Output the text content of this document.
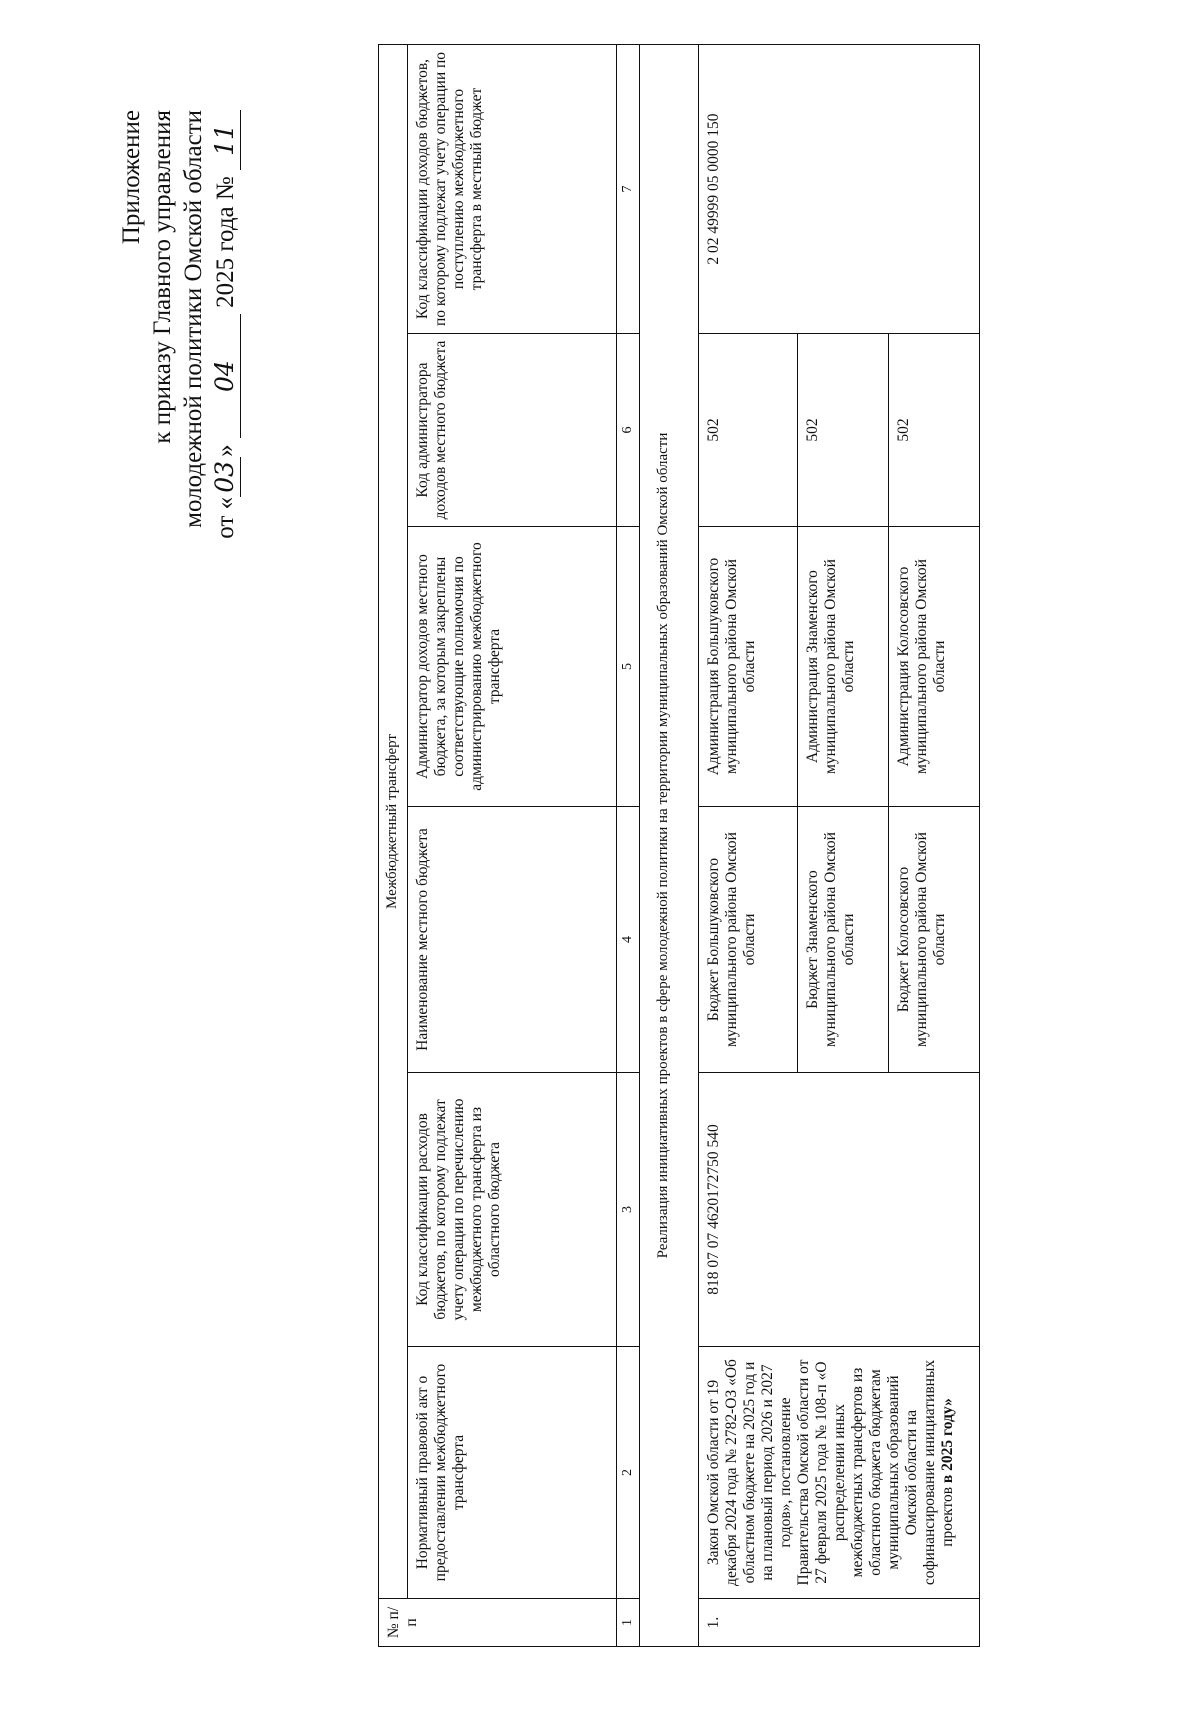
Приложение к приказу Главного управления молодежной политики Омской области от «03» 04 2025 года № 11
№ п/п	Межбюджетный трансферт					
	Нормативный правовой акт о предоставлении межбюджетного трансферта	Код классификации расходов бюджетов, по которому подлежат учету операции по перечислению межбюджетного трансферта из областного бюджета	Наименование местного бюджета	Администратор доходов местного бюджета, за которым закреплены соответствующие полномочия по администрированию межбюджетного трансферта	Код администратора доходов местного бюджета	Код классификации доходов бюджетов, по которому подлежат учету операции по поступлению межбюджетного трансферта в местный бюджет
1	2	3	4	5	6	7
Реализация инициативных проектов в сфере молодежной политики на территории муниципальных образований Омской области						
1.	Закон Омской области от 19 декабря 2024 года № 2782-ОЗ «Об областном бюджете на 2025 год и на плановый период 2026 и 2027 годов», постановление Правительства Омской области от 27 февраля 2025 года № 108-п «О распределении иных межбюджетных трансфертов из областного бюджета бюджетам муниципальных образований Омской области на софинансирование инициативных проектов в 2025 году»	818 07 07 4620172750 540	Бюджет Большуковского муниципального района Омской области	Администрация Большуковского муниципального района Омской области	502	2 02 49999 05 0000 150
			Бюджет Знаменского муниципального района Омской области	Администрация Знаменского муниципального района Омской области	502	
			Бюджет Колосовского муниципального района Омской области	Администрация Колосовского муниципального района Омской области	502	
